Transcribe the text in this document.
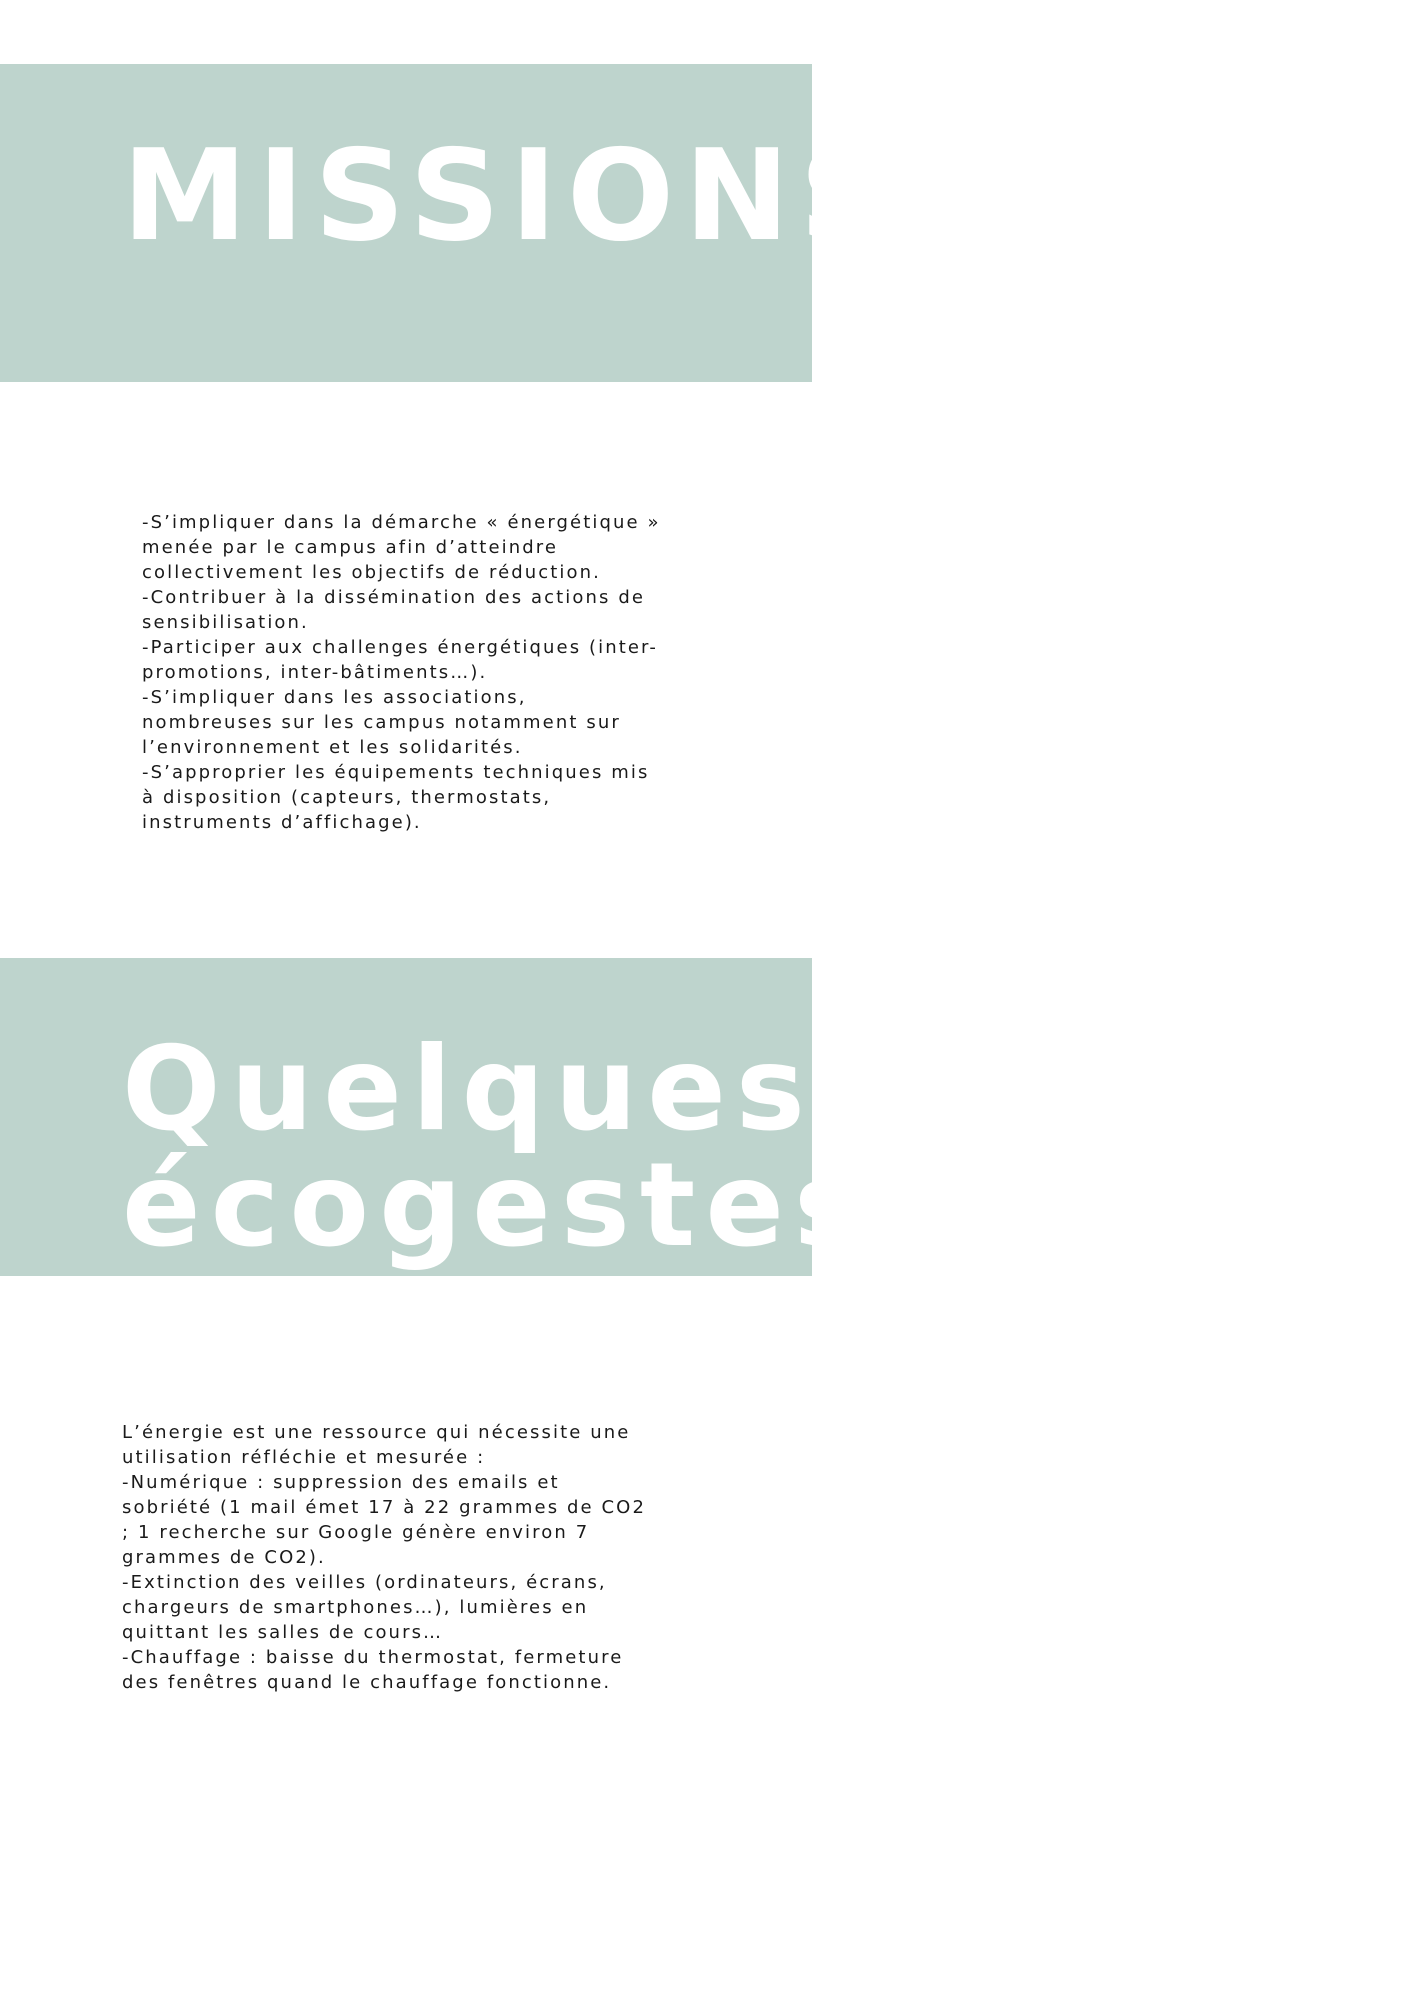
MISSIONS
-S’impliquer dans la démarche « énergétique »
menée par le campus afin d’atteindre
collectivement les objectifs de réduction.
-Contribuer à la dissémination des actions de
sensibilisation.
-Participer aux challenges énergétiques (inter-
promotions, inter-bâtiments…).
-S’impliquer dans les associations,
nombreuses sur les campus notamment sur
l’environnement et les solidarités.
-S’approprier les équipements techniques mis
à disposition (capteurs, thermostats,
instruments d’affichage).
Quelques
écogestes
L’énergie est une ressource qui nécessite une
utilisation réfléchie et mesurée :
-Numérique : suppression des emails et
sobriété (1 mail émet 17 à 22 grammes de CO2
; 1 recherche sur Google génère environ 7
grammes de CO2).
-Extinction des veilles (ordinateurs, écrans,
chargeurs de smartphones…), lumières en
quittant les salles de cours…
-Chauffage : baisse du thermostat, fermeture
des fenêtres quand le chauffage fonctionne.
